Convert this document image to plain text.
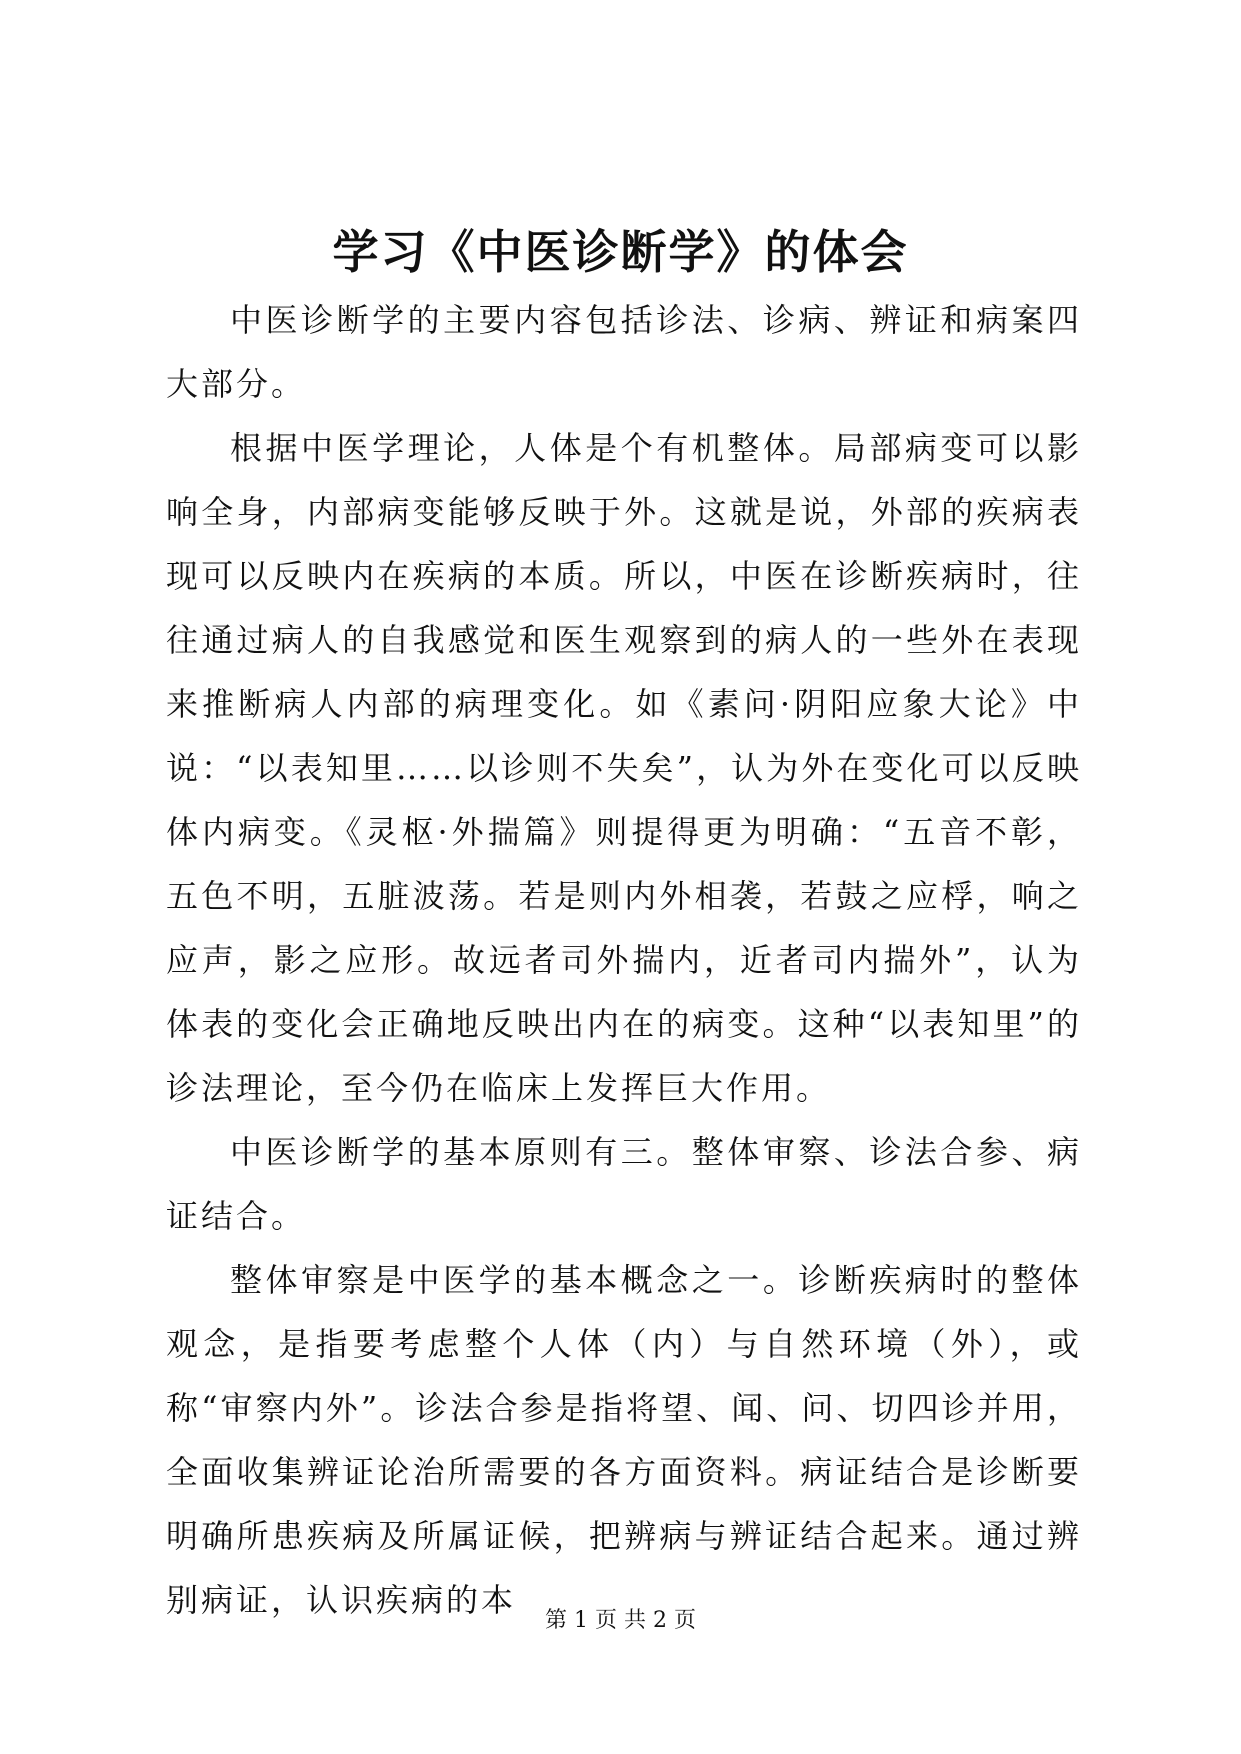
学习《中医诊断学》的体会

中医诊断学的主要内容包括诊法、诊病、辨证和病案四大部分。

根据中医学理论，人体是个有机整体。局部病变可以影响全身，内部病变能够反映于外。这就是说，外部的疾病表现可以反映内在疾病的本质。所以，中医在诊断疾病时，往往通过病人的自我感觉和医生观察到的病人的一些外在表现来推断病人内部的病理变化。如《素问·阴阳应象大论》中说：“以表知里……以诊则不失矣”，认为外在变化可以反映体内病变。《灵枢·外揣篇》则提得更为明确：“五音不彰，五色不明，五脏波荡。若是则内外相袭，若鼓之应桴，响之应声，影之应形。故远者司外揣内，近者司内揣外”，认为体表的变化会正确地反映出内在的病变。这种“以表知里”的诊法理论，至今仍在临床上发挥巨大作用。

中医诊断学的基本原则有三。整体审察、诊法合参、病证结合。

整体审察是中医学的基本概念之一。诊断疾病时的整体观念，是指要考虑整个人体（内）与自然环境（外），或称“审察内外”。诊法合参是指将望、闻、问、切四诊并用，全面收集辨证论治所需要的各方面资料。病证结合是诊断要明确所患疾病及所属证候，把辨病与辨证结合起来。通过辨别病证，认识疾病的本

第 1 页 共 2 页
